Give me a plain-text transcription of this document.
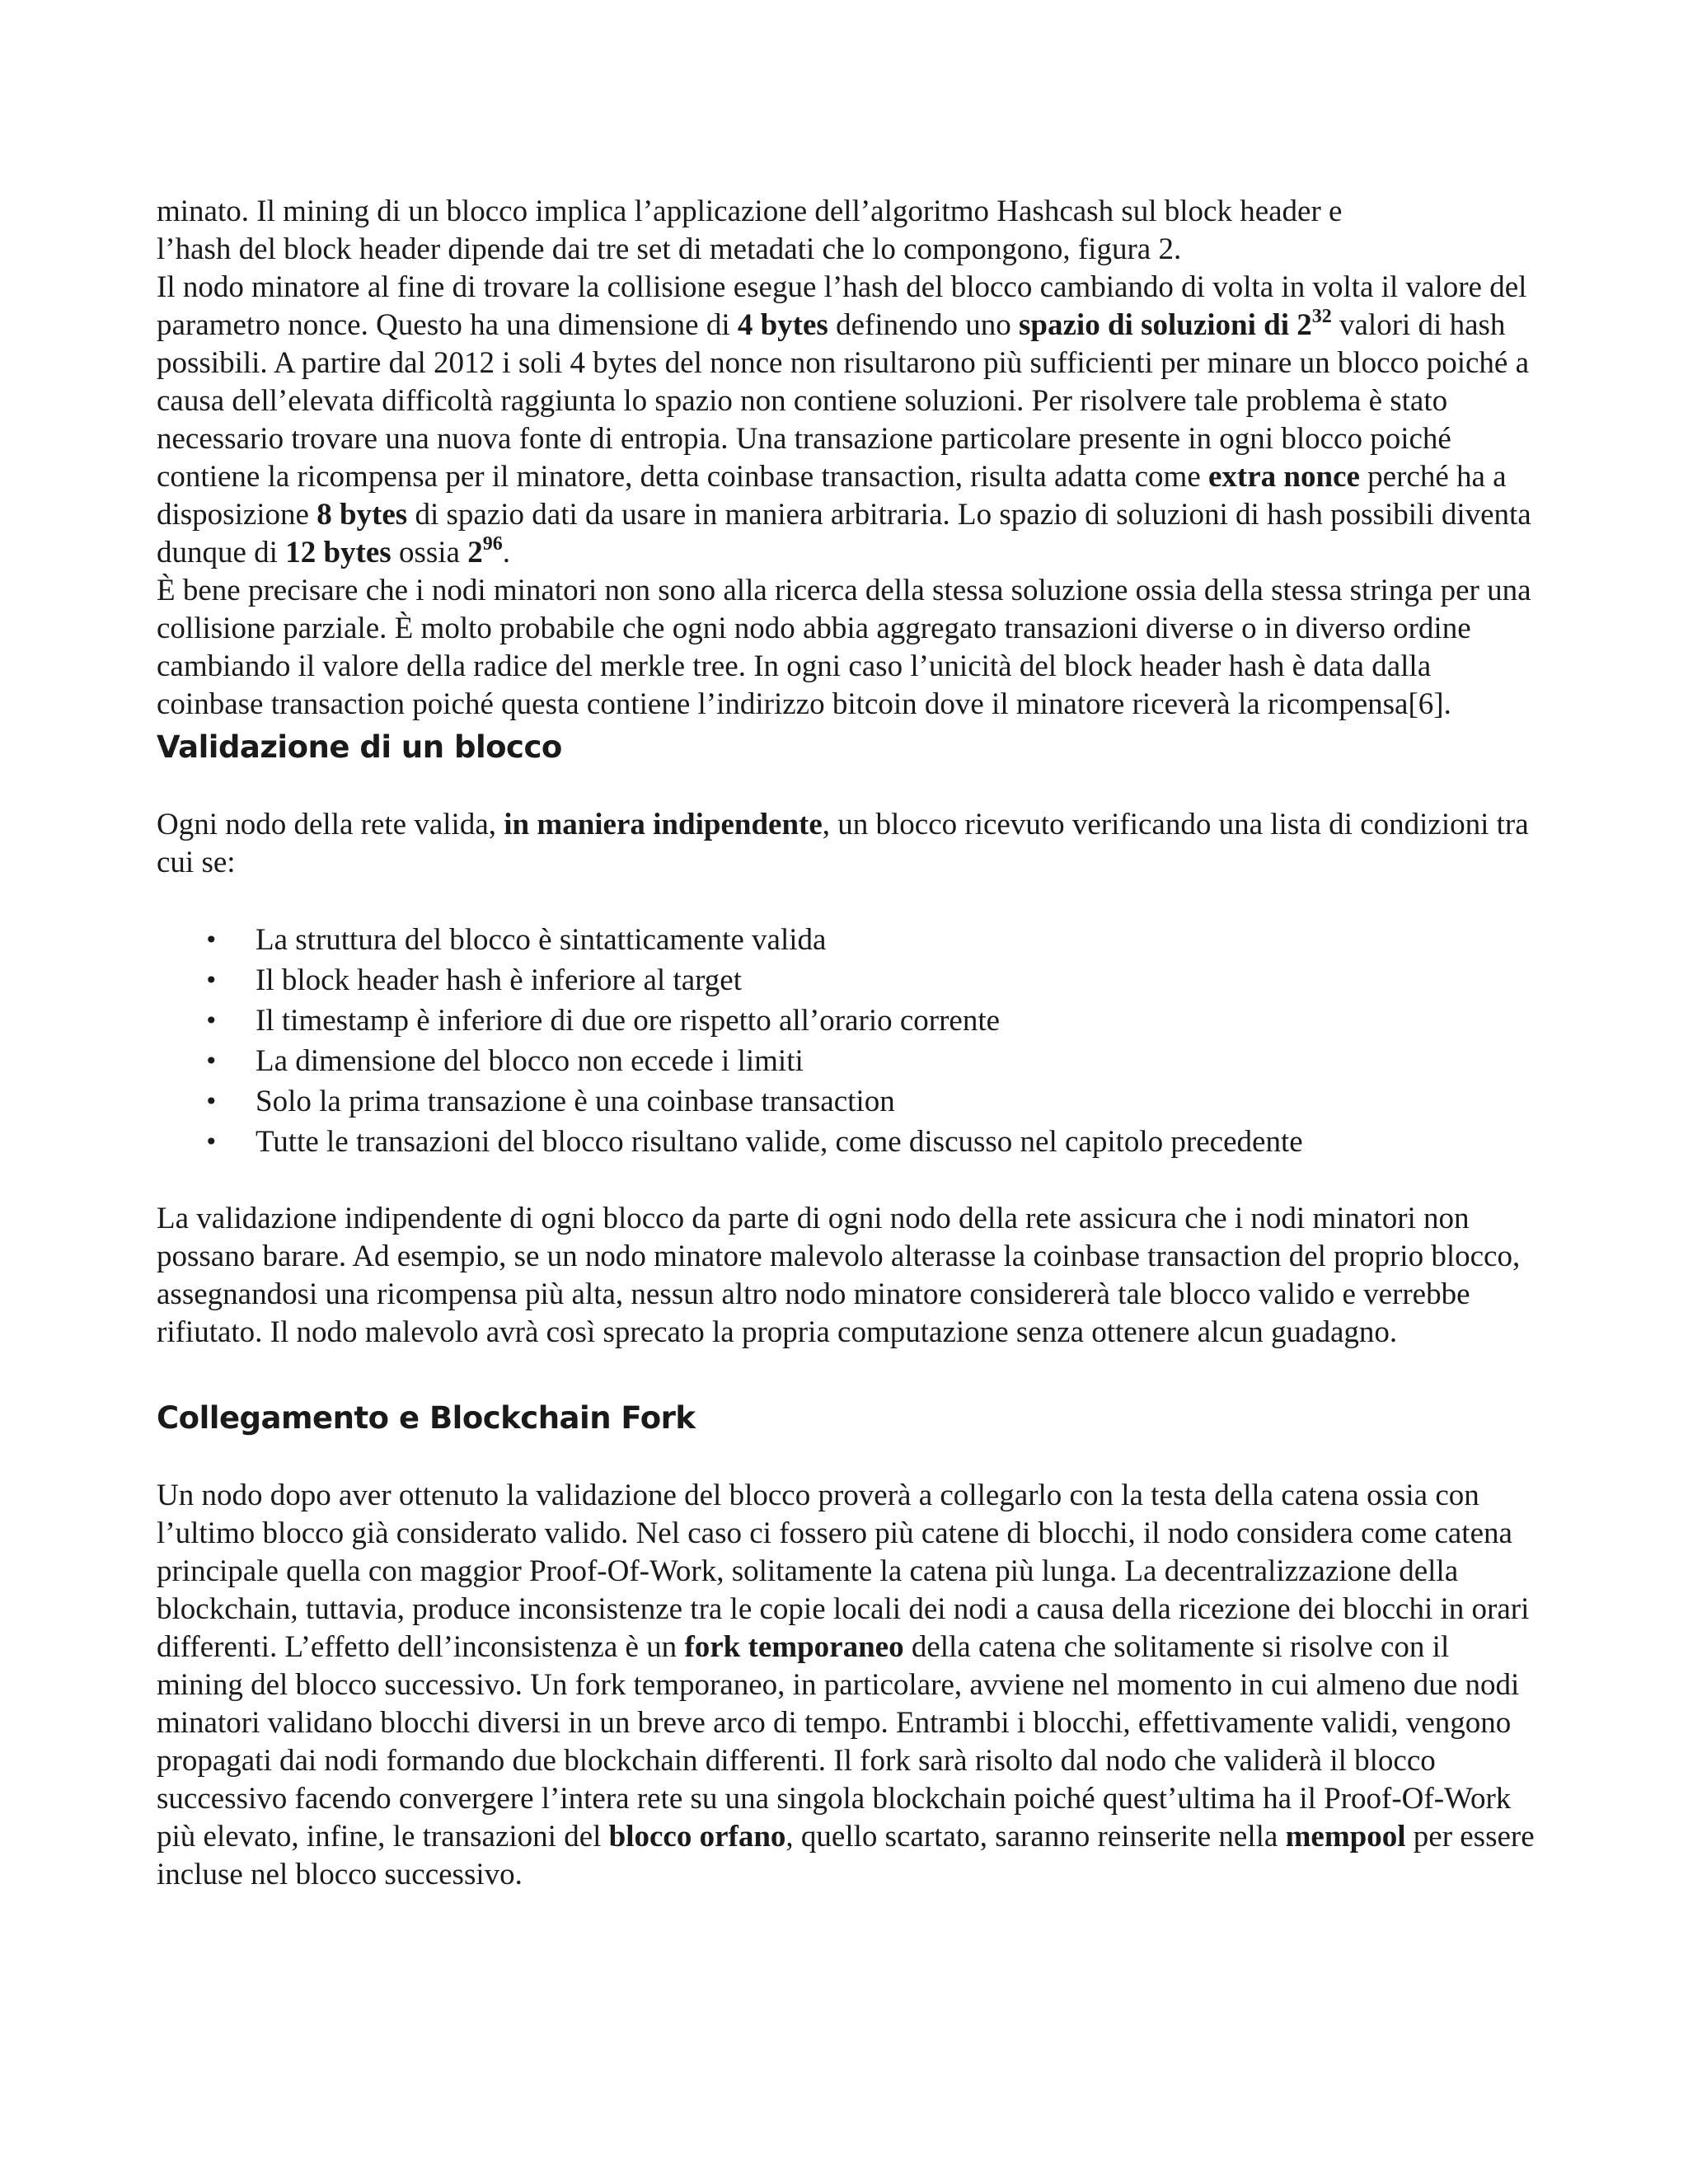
minato. Il mining di un blocco implica l’applicazione dell’algoritmo Hashcash sul block header e
l’hash del block header dipende dai tre set di metadati che lo compongono, figura 2.

Il nodo minatore al fine di trovare la collisione esegue l’hash del blocco cambiando di volta in volta il valore del parametro nonce. Questo ha una dimensione di 4 bytes definendo uno spazio di soluzioni di $2^{32}$ valori di hash possibili. A partire dal 2012 i soli 4 bytes del nonce non risultarono più sufficienti per minare un blocco poiché a causa dell’elevata difficoltà raggiunta lo spazio non contiene soluzioni. Per risolvere tale problema è stato necessario trovare una nuova fonte di entropia. Una transazione particolare presente in ogni blocco poiché contiene la ricompensa per il minatore, detta coinbase transaction, risulta adatta come extra nonce perché ha a disposizione 8 bytes di spazio dati da usare in maniera arbitraria. Lo spazio di soluzioni di hash possibili diventa dunque di 12 bytes ossia $2^{96}$.

È bene precisare che i nodi minatori non sono alla ricerca della stessa soluzione ossia della stessa stringa per una collisione parziale. È molto probabile che ogni nodo abbia aggregato transazioni diverse o in diverso ordine cambiando il valore della radice del merkle tree. In ogni caso l’unicità del block header hash è data dalla coinbase transaction poiché questa contiene l’indirizzo bitcoin dove il minatore riceverà la ricompensa[6].

Validazione di un blocco

Ogni nodo della rete valida, in maniera indipendente, un blocco ricevuto verificando una lista di condizioni tra cui se:

• La struttura del blocco è sintatticamente valida
• Il block header hash è inferiore al target
• Il timestamp è inferiore di due ore rispetto all’orario corrente
• La dimensione del blocco non eccede i limiti
• Solo la prima transazione è una coinbase transaction
• Tutte le transazioni del blocco risultano valide, come discusso nel capitolo precedente

La validazione indipendente di ogni blocco da parte di ogni nodo della rete assicura che i nodi minatori non possano barare. Ad esempio, se un nodo minatore malevolo alterasse la coinbase transaction del proprio blocco, assegnandosi una ricompensa più alta, nessun altro nodo minatore considererà tale blocco valido e verrebbe rifiutato. Il nodo malevolo avrà così sprecato la propria computazione senza ottenere alcun guadagno.

Collegamento e Blockchain Fork

Un nodo dopo aver ottenuto la validazione del blocco proverà a collegarlo con la testa della catena ossia con l’ultimo blocco già considerato valido. Nel caso ci fossero più catene di blocchi, il nodo considera come catena principale quella con maggior Proof-Of-Work, solitamente la catena più lunga. La decentralizzazione della blockchain, tuttavia, produce inconsistenze tra le copie locali dei nodi a causa della ricezione dei blocchi in orari differenti. L’effetto dell’inconsistenza è un fork temporaneo della catena che solitamente si risolve con il mining del blocco successivo. Un fork temporaneo, in particolare, avviene nel momento in cui almeno due nodi minatori validano blocchi diversi in un breve arco di tempo. Entrambi i blocchi, effettivamente validi, vengono propagati dai nodi formando due blockchain differenti. Il fork sarà risolto dal nodo che validerà il blocco successivo facendo convergere l’intera rete su una singola blockchain poiché quest’ultima ha il Proof-Of-Work più elevato, infine, le transazioni del blocco orfano, quello scartato, saranno reinserite nella mempool per essere incluse nel blocco successivo.
